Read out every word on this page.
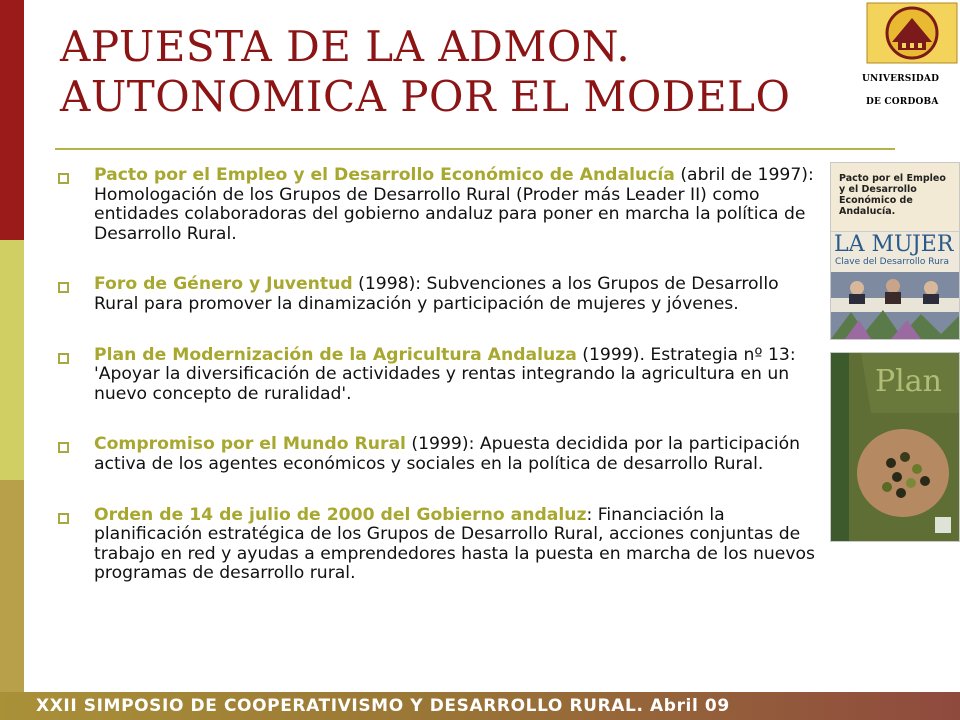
APUESTA DE LA ADMON.
AUTONOMICA POR EL MODELO	UNIVERSIDAD
DE CORDOBA
Pacto por el Empleo y el Desarrollo Económico de Andalucía (abril de 1997): Homologación de los Grupos de Desarrollo Rural (Proder más Leader II) como entidades colaboradoras del gobierno andaluz para poner en marcha la política de Desarrollo Rural.
Foro de Género y Juventud (1998): Subvenciones a los Grupos de Desarrollo Rural para promover la dinamización y participación de mujeres y jóvenes.
Plan de Modernización de la Agricultura Andaluza (1999). Estrategia nº 13: 'Apoyar la diversificación de actividades y rentas integrando la agricultura en un nuevo concepto de ruralidad'.
Compromiso por el Mundo Rural (1999): Apuesta decidida por la participación activa de los agentes económicos y sociales en la política de desarrollo Rural.
Orden de 14 de julio de 2000 del Gobierno andaluz: Financiación la planificación estratégica de los Grupos de Desarrollo Rural, acciones conjuntas de trabajo en red y ayudas a emprendedores hasta la puesta en marcha de los nuevos programas de desarrollo rural.
Pacto por el Empleo y el Desarrollo Económico de Andalucía.
LA MUJER
Clave del Desarrollo Rura
Plan
XXII SIMPOSIO DE COOPERATIVISMO Y DESARROLLO RURAL. Abril 09
